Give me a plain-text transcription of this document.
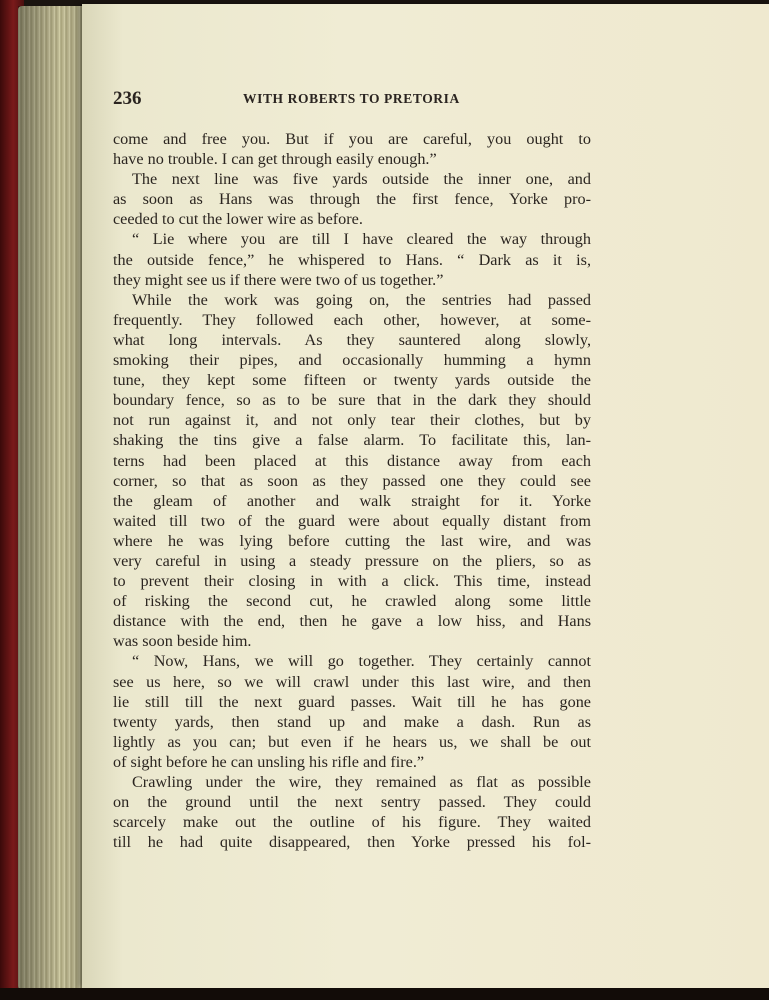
236	WITH ROBERTS TO PRETORIA
come and free you. But if you are careful, you ought to
have no trouble. I can get through easily enough.”
The next line was five yards outside the inner one, and
as soon as Hans was through the first fence, Yorke pro-
ceeded to cut the lower wire as before.
“ Lie where you are till I have cleared the way through
the outside fence,” he whispered to Hans. “ Dark as it is,
they might see us if there were two of us together.”
While the work was going on, the sentries had passed
frequently. They followed each other, however, at some-
what long intervals. As they sauntered along slowly,
smoking their pipes, and occasionally humming a hymn
tune, they kept some fifteen or twenty yards outside the
boundary fence, so as to be sure that in the dark they should
not run against it, and not only tear their clothes, but by
shaking the tins give a false alarm. To facilitate this, lan-
terns had been placed at this distance away from each
corner, so that as soon as they passed one they could see
the gleam of another and walk straight for it. Yorke
waited till two of the guard were about equally distant from
where he was lying before cutting the last wire, and was
very careful in using a steady pressure on the pliers, so as
to prevent their closing in with a click. This time, instead
of risking the second cut, he crawled along some little
distance with the end, then he gave a low hiss, and Hans
was soon beside him.
“ Now, Hans, we will go together. They certainly cannot
see us here, so we will crawl under this last wire, and then
lie still till the next guard passes. Wait till he has gone
twenty yards, then stand up and make a dash. Run as
lightly as you can; but even if he hears us, we shall be out
of sight before he can unsling his rifle and fire.”
Crawling under the wire, they remained as flat as possible
on the ground until the next sentry passed. They could
scarcely make out the outline of his figure. They waited
till he had quite disappeared, then Yorke pressed his fol-
